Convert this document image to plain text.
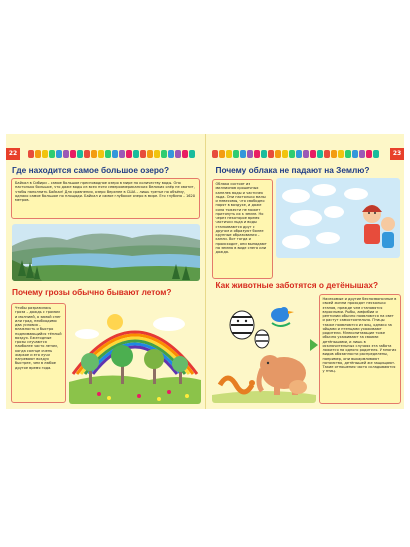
22
Где находится самое большое озеро?

Байкал в Сибири – самое большое пресноводное озеро в мире по количеству воды. Оно настолько большое, что даже воды из всех пяти североамериканских Великих озёр не хватит, чтобы наполнить Байкал! Для сравнения, озеро Верхнее в США – лишь третье по объёму, однако самое большое по площади. Байкал и самое глубокое озеро в мире. Его глубина – 1620 метров.

Почему грозы обычно бывают летом?

Чтобы разразилась гроза – дождь с громом и молнией, а зимой снег или град, необходимо два условия – влажность и быстро поднимающийся тёплый воздух. Ежегодные грозы случаются наиболее часто летом, когда солнце очень жаркое и его лучи нагревают воздух быстрее, чем в любое другое время года.

23
Почему облака не падают на Землю?

Облака состоят из миллионов крошечных капелек воды и частичек льда. Они настолько малы и невесомы, что свободно парят в воздухе, и даже сила тяжести не может притянуть их к земле. Но через некоторое время частички льда и воды сталкиваются друг с другом и образуют более крупные образования – капли. Вот тогда и происходит, они выпадают на землю в виде снега или дождя.

Как животные заботятся о детёнышах?

Насекомые и другие беспозвоночные в своей жизни проходят несколько этапов, прежде чем становятся взрослыми. Рыбы, амфибии и рептилии обычно появляются на свет и растут самостоятельно. Птицы также появляются из яиц, однако за яйцами и птенцами ухаживают родители. Млекопитающие тоже обычно ухаживают за своими детёнышами, и лишь в исключительных случаях эта забота ложится на одного родителя. У многих видов обязанности распределены, например, они выкармливают потомство, детёнышей же защищают. Такие отношения часто складываются у птиц.
